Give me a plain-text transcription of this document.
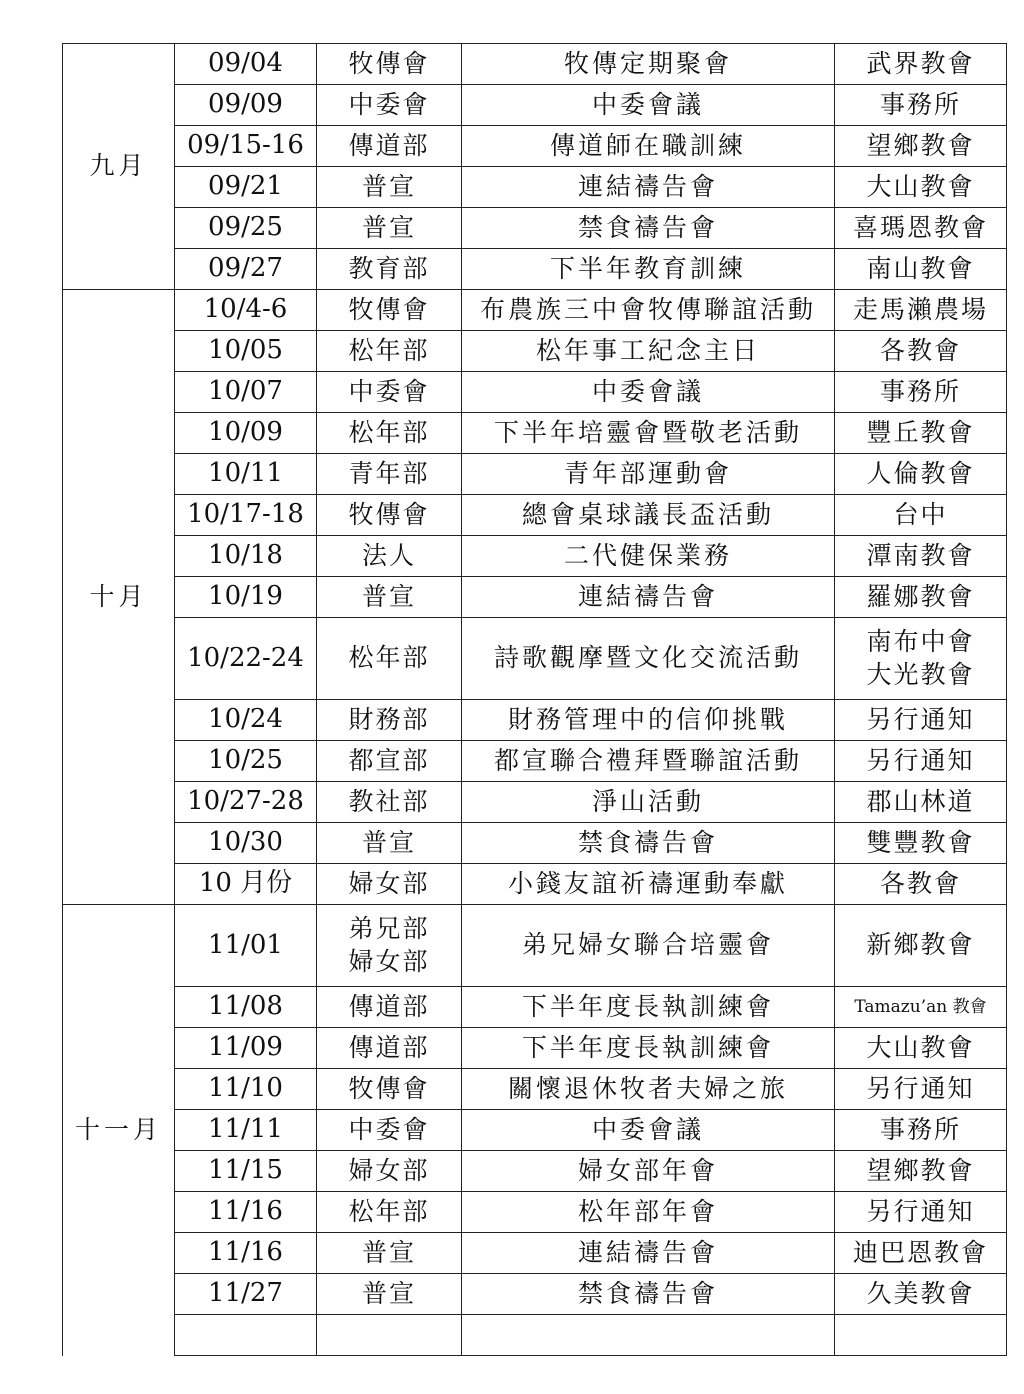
九月	09/04	牧傳會	牧傳定期聚會	武界教會

	09/09	中委會	中委會議	事務所

	09/15-16	傳道部	傳道師在職訓練	望鄉教會

	09/21	普宣	連結禱告會	大山教會

	09/25	普宣	禁食禱告會	喜瑪恩教會

	09/27	教育部	下半年教育訓練	南山教會

十月	10/4-6	牧傳會	布農族三中會牧傳聯誼活動	走馬瀨農場

	10/05	松年部	松年事工紀念主日	各教會

	10/07	中委會	中委會議	事務所

	10/09	松年部	下半年培靈會暨敬老活動	豐丘教會

	10/11	青年部	青年部運動會	人倫教會

	10/17-18	牧傳會	總會桌球議長盃活動	台中

	10/18	法人	二代健保業務	潭南教會

	10/19	普宣	連結禱告會	羅娜教會

	10/22-24	松年部	詩歌觀摩暨文化交流活動	南布中會
大光教會

	10/24	財務部	財務管理中的信仰挑戰	另行通知

	10/25	都宣部	都宣聯合禮拜暨聯誼活動	另行通知

	10/27-28	教社部	淨山活動	郡山林道

	10/30	普宣	禁食禱告會	雙豐教會

	10 月份	婦女部	小錢友誼祈禱運動奉獻	各教會

十一月	11/01	弟兄部
婦女部	弟兄婦女聯合培靈會	新鄉教會

	11/08	傳道部	下半年度長執訓練會	Tamazu’an 教會

	11/09	傳道部	下半年度長執訓練會	大山教會

	11/10	牧傳會	關懷退休牧者夫婦之旅	另行通知

	11/11	中委會	中委會議	事務所

	11/15	婦女部	婦女部年會	望鄉教會

	11/16	松年部	松年部年會	另行通知

	11/16	普宣	連結禱告會	迪巴恩教會

	11/27	普宣	禁食禱告會	久美教會
